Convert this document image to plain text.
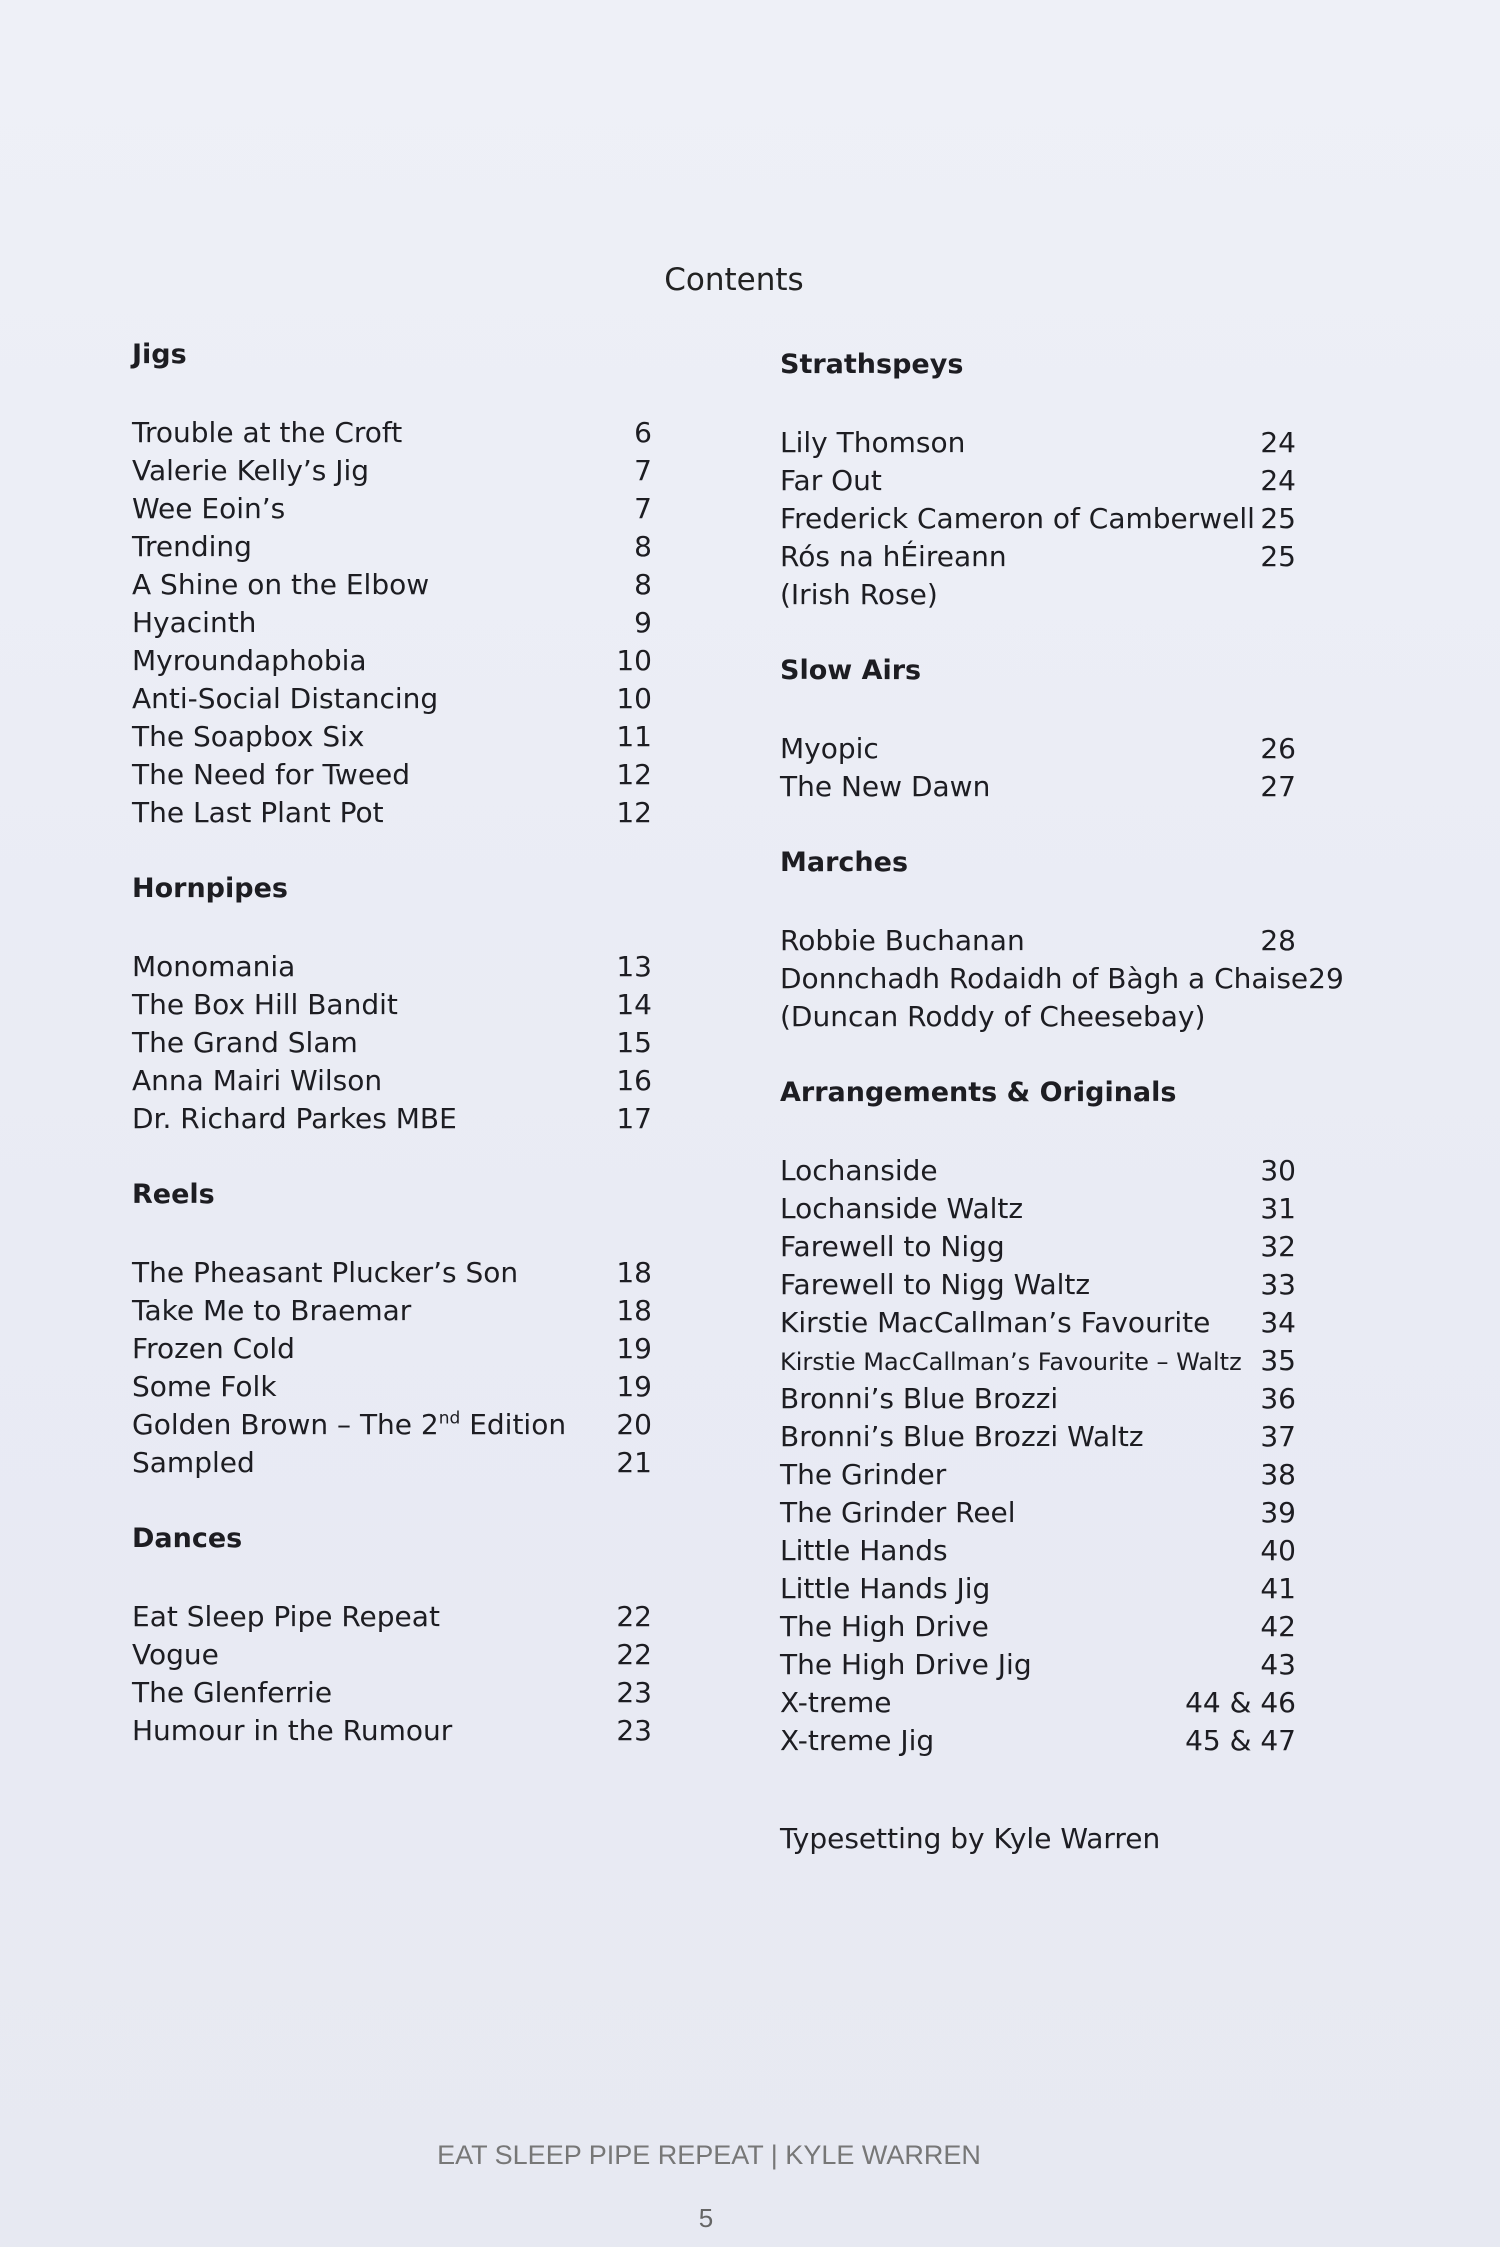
Contents
Jigs
Trouble at the Croft	6
Valerie Kelly’s Jig	7
Wee Eoin’s	7
Trending	8
A Shine on the Elbow	8
Hyacinth	9
Myroundaphobia	10
Anti-Social Distancing	10
The Soapbox Six	11
The Need for Tweed	12
The Last Plant Pot	12
Hornpipes
Monomania	13
The Box Hill Bandit	14
The Grand Slam	15
Anna Mairi Wilson	16
Dr. Richard Parkes MBE	17
Reels
The Pheasant Plucker’s Son	18
Take Me to Braemar	18
Frozen Cold	19
Some Folk	19
Golden Brown – The 2nd Edition 20
Sampled	21
Dances
Eat Sleep Pipe Repeat	22
Vogue	22
The Glenferrie	23
Humour in the Rumour	23
Strathspeys
Lily Thomson	24
Far Out	24
Frederick Cameron of Camberwell 25
Rós na hÉireann	25
(Irish Rose)
Slow Airs
Myopic	26
The New Dawn	27
Marches
Robbie Buchanan	28
Donnchadh Rodaidh of Bàgh a Chaise 29
(Duncan Roddy of Cheesebay)
Arrangements & Originals
Lochanside	30
Lochanside Waltz	31
Farewell to Nigg	32
Farewell to Nigg Waltz	33
Kirstie MacCallman’s Favourite 34
Kirstie MacCallman’s Favourite – Waltz 35
Bronni’s Blue Brozzi	36
Bronni’s Blue Brozzi Waltz	37
The Grinder	38
The Grinder Reel	39
Little Hands	40
Little Hands Jig	41
The High Drive	42
The High Drive Jig	43
X-treme	44 & 46
X-treme Jig	45 & 47
Typesetting by Kyle Warren
EAT SLEEP PIPE REPEAT | KYLE WARREN
5
